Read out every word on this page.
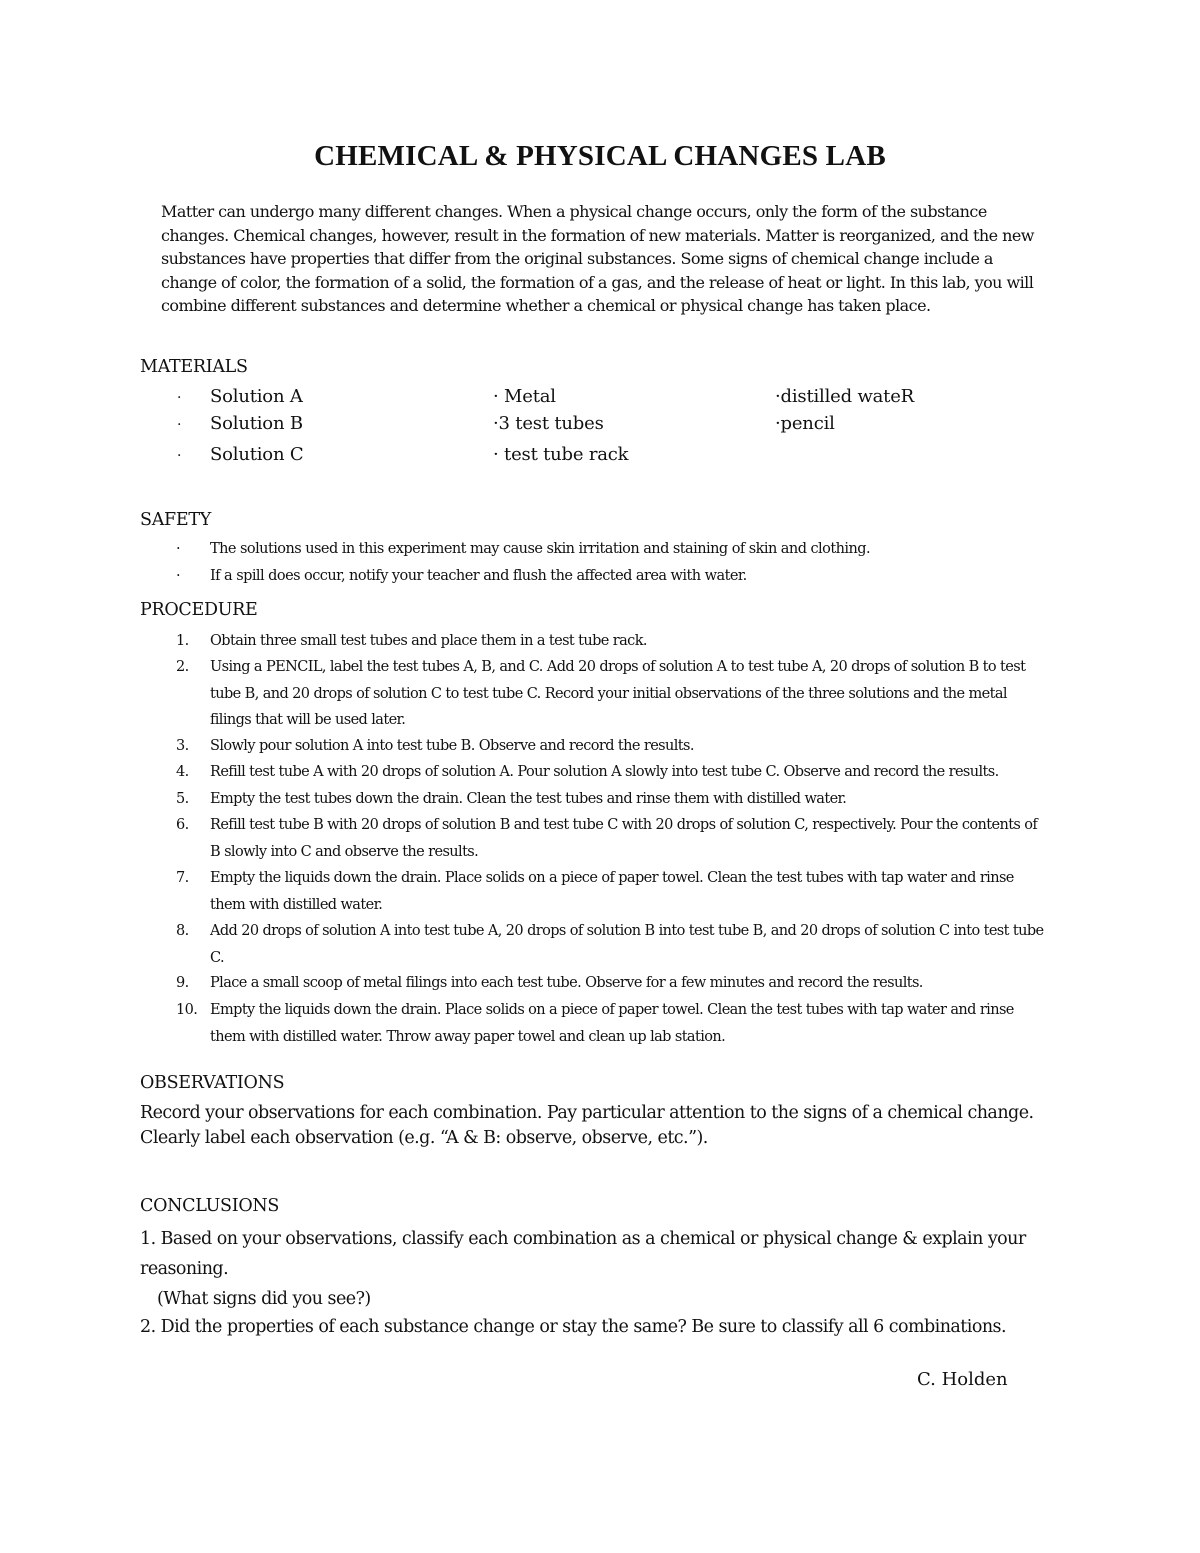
CHEMICAL & PHYSICAL CHANGES LAB
Matter can undergo many different changes. When a physical change occurs, only the form of the substance changes. Chemical changes, however, result in the formation of new materials. Matter is reorganized, and the new substances have properties that differ from the original substances. Some signs of chemical change include a change of color, the formation of a solid, the formation of a gas, and the release of heat or light. In this lab, you will combine different substances and determine whether a chemical or physical change has taken place.
MATERIALS
· Solution A
· Solution B
· Solution C
· Metal
·3 test tubes
· test tube rack
·distilled wateR
·pencil
SAFETY
· The solutions used in this experiment may cause skin irritation and staining of skin and clothing.
· If a spill does occur, notify your teacher and flush the affected area with water.
PROCEDURE
1. Obtain three small test tubes and place them in a test tube rack.
2. Using a PENCIL, label the test tubes A, B, and C. Add 20 drops of solution A to test tube A, 20 drops of solution B to test tube B, and 20 drops of solution C to test tube C. Record your initial observations of the three solutions and the metal filings that will be used later.
3. Slowly pour solution A into test tube B. Observe and record the results.
4. Refill test tube A with 20 drops of solution A. Pour solution A slowly into test tube C. Observe and record the results.
5. Empty the test tubes down the drain. Clean the test tubes and rinse them with distilled water.
6. Refill test tube B with 20 drops of solution B and test tube C with 20 drops of solution C, respectively. Pour the contents of B slowly into C and observe the results.
7. Empty the liquids down the drain. Place solids on a piece of paper towel. Clean the test tubes with tap water and rinse them with distilled water.
8. Add 20 drops of solution A into test tube A, 20 drops of solution B into test tube B, and 20 drops of solution C into test tube C.
9. Place a small scoop of metal filings into each test tube. Observe for a few minutes and record the results.
10. Empty the liquids down the drain. Place solids on a piece of paper towel. Clean the test tubes with tap water and rinse them with distilled water. Throw away paper towel and clean up lab station.
OBSERVATIONS
Record your observations for each combination. Pay particular attention to the signs of a chemical change.
Clearly label each observation (e.g. “A & B: observe, observe, etc.”).
CONCLUSIONS
1. Based on your observations, classify each combination as a chemical or physical change & explain your reasoning.
(What signs did you see?)
2. Did the properties of each substance change or stay the same? Be sure to classify all 6 combinations.
C. Holden
